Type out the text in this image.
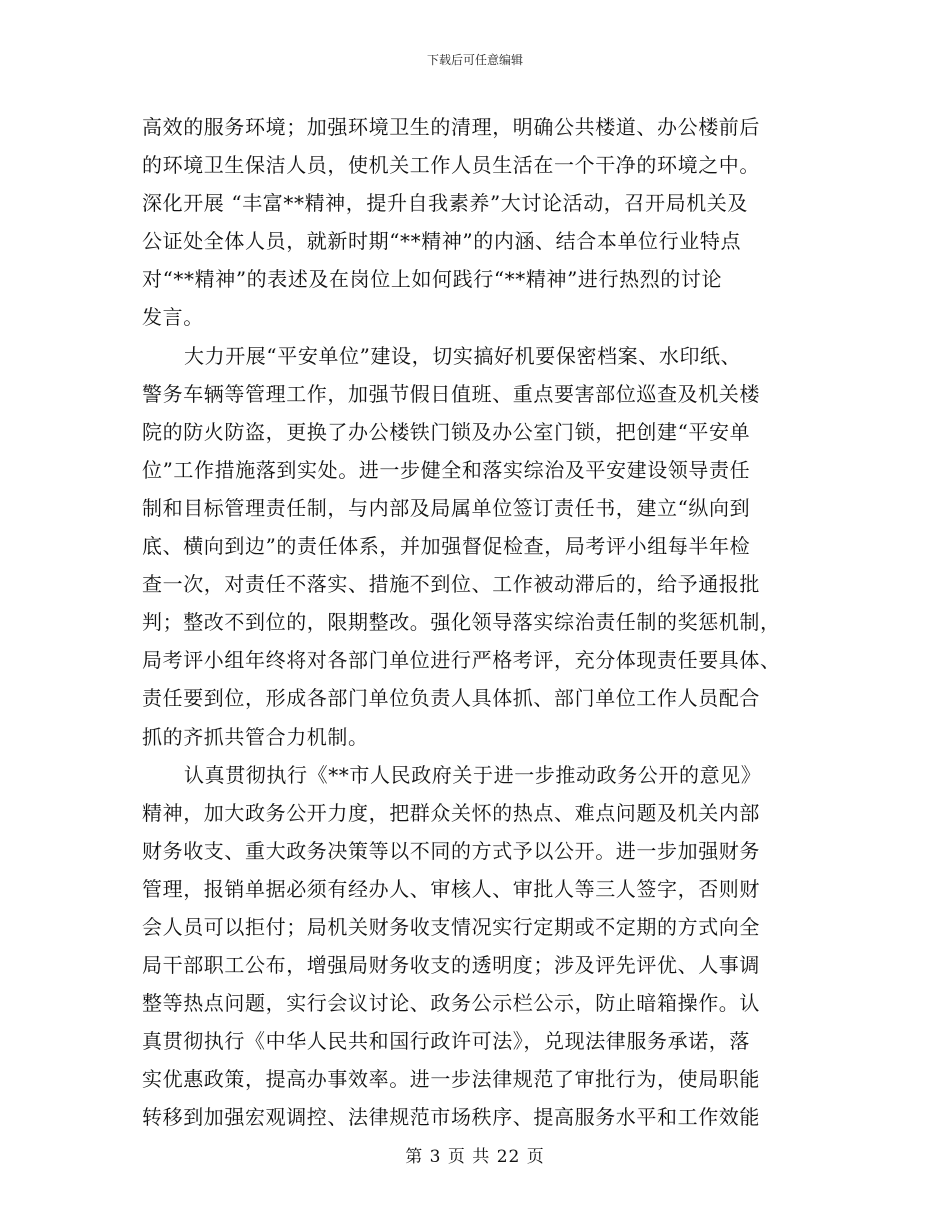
下载后可任意编辑
高效的服务环境；加强环境卫生的清理，明确公共楼道、办公楼前后
的环境卫生保洁人员，使机关工作人员生活在一个干净的环境之中。
深化开展 “丰富**精神，提升自我素养”大讨论活动，召开局机关及
公证处全体人员，就新时期“**精神”的内涵、结合本单位行业特点
对“**精神”的表述及在岗位上如何践行“**精神”进行热烈的讨论
发言。
大力开展“平安单位”建设，切实搞好机要保密档案、水印纸、
警务车辆等管理工作，加强节假日值班、重点要害部位巡查及机关楼
院的防火防盗，更换了办公楼铁门锁及办公室门锁，把创建“平安单
位”工作措施落到实处。进一步健全和落实综治及平安建设领导责任
制和目标管理责任制，与内部及局属单位签订责任书，建立“纵向到
底、横向到边”的责任体系，并加强督促检查，局考评小组每半年检
查一次，对责任不落实、措施不到位、工作被动滞后的，给予通报批
判；整改不到位的，限期整改。强化领导落实综治责任制的奖惩机制，
局考评小组年终将对各部门单位进行严格考评，充分体现责任要具体、
责任要到位，形成各部门单位负责人具体抓、部门单位工作人员配合
抓的齐抓共管合力机制。
认真贯彻执行《**市人民政府关于进一步推动政务公开的意见》
精神，加大政务公开力度，把群众关怀的热点、难点问题及机关内部
财务收支、重大政务决策等以不同的方式予以公开。进一步加强财务
管理，报销单据必须有经办人、审核人、审批人等三人签字，否则财
会人员可以拒付；局机关财务收支情况实行定期或不定期的方式向全
局干部职工公布，增强局财务收支的透明度；涉及评先评优、人事调
整等热点问题，实行会议讨论、政务公示栏公示，防止暗箱操作。认
真贯彻执行《中华人民共和国行政许可法》，兑现法律服务承诺，落
实优惠政策，提高办事效率。进一步法律规范了审批行为，使局职能
转移到加强宏观调控、法律规范市场秩序、提高服务水平和工作效能
第 3 页 共 22 页
